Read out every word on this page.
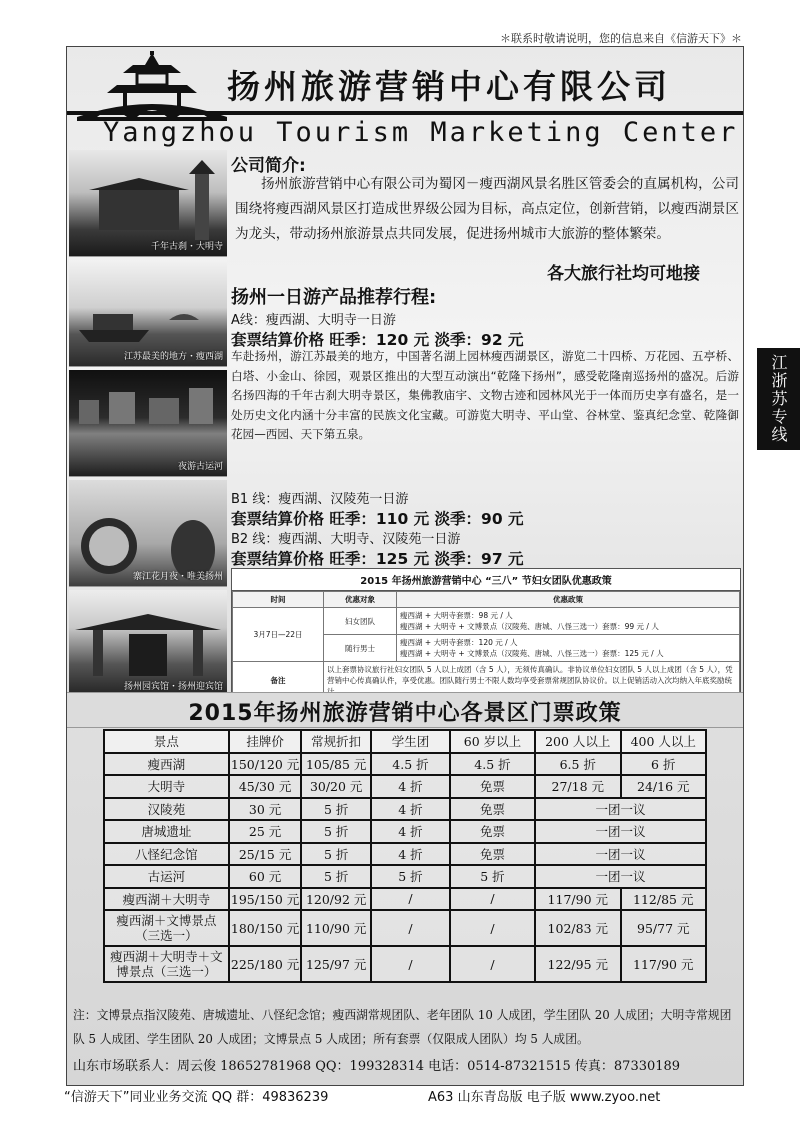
＊联系时敬请说明，您的信息来自《信游天下》＊
扬州旅游营销中心有限公司
Yangzhou Tourism Marketing Center
千年古刹・大明寺
江苏最美的地方・瘦西湖
夜游古运河
寨江花月夜・唯美扬州
扬州园宾馆・扬州迎宾馆
公司简介:
扬州旅游营销中心有限公司为蜀冈－瘦西湖风景名胜区管委会的直属机构，公司围绕将瘦西湖风景区打造成世界级公园为目标，高点定位，创新营销，以瘦西湖景区为龙头，带动扬州旅游景点共同发展，促进扬州城市大旅游的整体繁荣。
各大旅行社均可地接
扬州一日游产品推荐行程:
A线：瘦西湖、大明寺一日游
套票结算价格 旺季：120 元 淡季：92 元
车赴扬州，游江苏最美的地方，中国著名湖上园林瘦西湖景区，游览二十四桥、万花园、五亭桥、白塔、小金山、徐园，观景区推出的大型互动演出“乾隆下扬州”，感受乾隆南巡扬州的盛况。后游名扬四海的千年古刹大明寺景区，集佛教庙宇、文物古迹和园林风光于一体而历史享有盛名，是一处历史文化内涵十分丰富的民族文化宝藏。可游览大明寺、平山堂、谷林堂、鉴真纪念堂、乾隆御花园—西园、天下第五泉。
B1 线：瘦西湖、汉陵苑一日游
套票结算价格 旺季：110 元 淡季：90 元
B2 线：瘦西湖、大明寺、汉陵苑一日游
套票结算价格 旺季：125 元 淡季：97 元
2015 年扬州旅游营销中心 “三八” 节妇女团队优惠政策
时间	优惠对象	优惠政策
3月7日—22日	妇女团队	瘦西湖 + 大明寺套票：98 元 / 人
瘦西湖 + 大明寺 + 文博景点（汉陵苑、唐城、八怪三选一）套票：99 元 / 人

	随行男士	瘦西湖 + 大明寺套票：120 元 / 人
瘦西湖 + 大明寺 + 文博景点（汉陵苑、唐城、八怪三选一）套票：125 元 / 人

备注	以上套票协议旅行社妇女团队 5 人以上成团（含 5 人），无须传真确认。非协议单位妇女团队 5 人以上成团（含 5 人），凭营销中心传真确认件，享受优惠。团队随行男士不限人数均享受套票常规团队协议价。以上促销活动入次均纳入年底奖励统	
2015年扬州旅游营销中心各景区门票政策
景点	挂牌价	常规折扣	学生团	60 岁以上	200 人以上	400 人以上
瘦西湖	150/120 元	105/85 元	4.5 折	4.5 折	6.5 折	6 折
大明寺	45/30 元	30/20 元	4 折	免票	27/18 元	24/16 元
汉陵苑	30 元	5 折	4 折	免票	一团一议	
唐城遗址	25 元	5 折	4 折	免票	一团一议	
八怪纪念馆	25/15 元	5 折	4 折	免票	一团一议	
古运河	60 元	5 折	5 折	5 折	一团一议	
瘦西湖＋大明寺	195/150 元	120/92 元	/	/	117/90 元	112/85 元
瘦西湖＋文博景点（三选一）	180/150 元	110/90 元	/	/	102/83 元	95/77 元
瘦西湖＋大明寺＋文博景点（三选一）	225/180 元	125/97 元	/	/	122/95 元	117/90 元
注：文博景点指汉陵苑、唐城遗址、八怪纪念馆；瘦西湖常规团队、老年团队 10 人成团，学生团队 20 人成团；大明寺常规团队 5 人成团、学生团队 20 人成团；文博景点 5 人成团；所有套票（仅限成人团队）均 5 人成团。
山东市场联系人：周云俊 18652781968 QQ：199328314 电话：0514-87321515 传真：87330189
“信游天下”同业业务交流 QQ 群：49836239	A63 山东青岛版 电子版 www.zyoo.net
江浙苏专线
